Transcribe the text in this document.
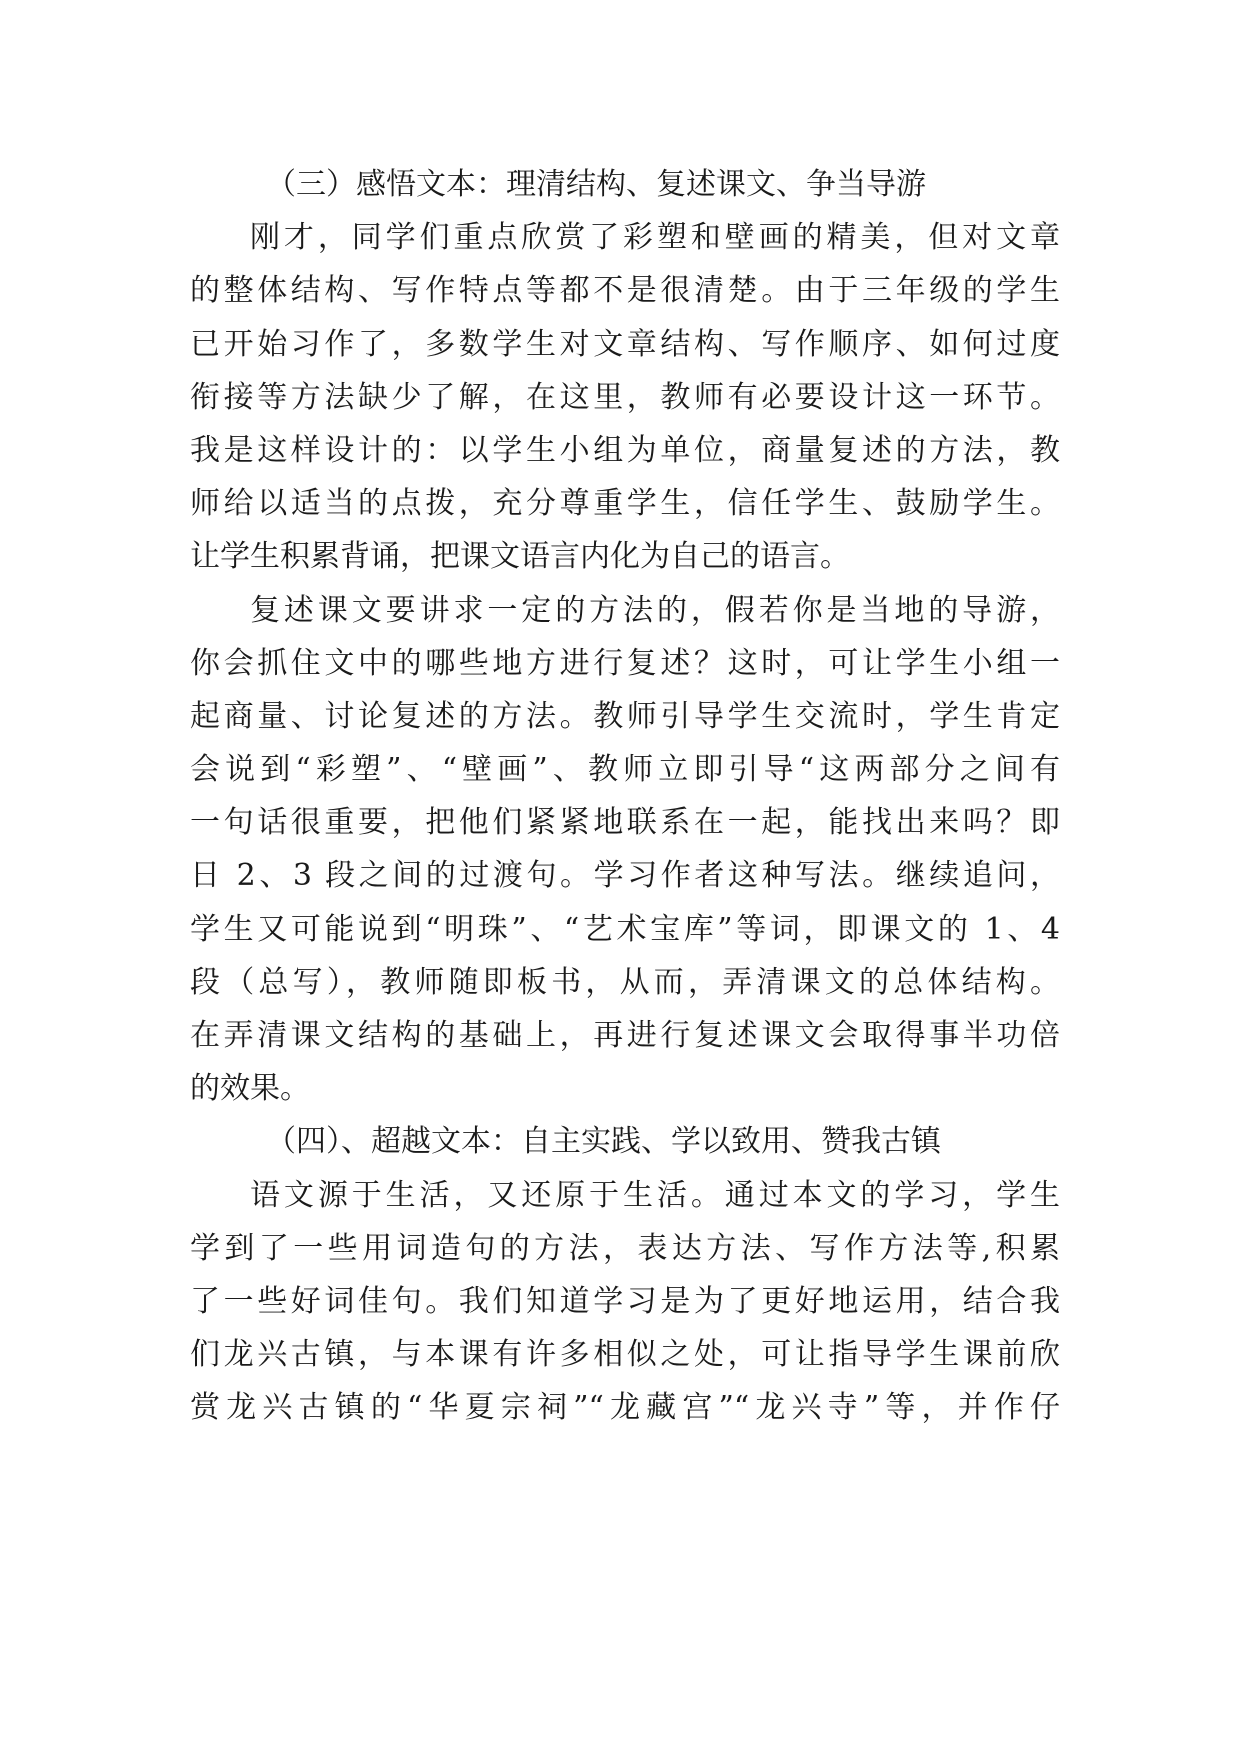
（三）感悟文本：理清结构、复述课文、争当导游
刚才，同学们重点欣赏了彩塑和壁画的精美，但对文章
的整体结构、写作特点等都不是很清楚。由于三年级的学生
已开始习作了，多数学生对文章结构、写作顺序、如何过度
衔接等方法缺少了解，在这里，教师有必要设计这一环节。
我是这样设计的：以学生小组为单位，商量复述的方法，教
师给以适当的点拨，充分尊重学生，信任学生、鼓励学生。
让学生积累背诵，把课文语言内化为自己的语言。
复述课文要讲求一定的方法的，假若你是当地的导游，
你会抓住文中的哪些地方进行复述？这时，可让学生小组一
起商量、讨论复述的方法。教师引导学生交流时，学生肯定
会说到“彩塑”、“壁画”、教师立即引导“这两部分之间有
一句话很重要，把他们紧紧地联系在一起，能找出来吗？即
日 2、3 段之间的过渡句。学习作者这种写法。继续追问，
学生又可能说到“明珠”、“艺术宝库”等词，即课文的 1、4
段（总写），教师随即板书，从而，弄清课文的总体结构。
在弄清课文结构的基础上，再进行复述课文会取得事半功倍
的效果。
（四）、超越文本：自主实践、学以致用、赞我古镇
语文源于生活，又还原于生活。通过本文的学习，学生
学到了一些用词造句的方法，表达方法、写作方法等,积累
了一些好词佳句。我们知道学习是为了更好地运用，结合我
们龙兴古镇，与本课有许多相似之处，可让指导学生课前欣
赏龙兴古镇的“华夏宗祠”“龙藏宫”“龙兴寺”等，并作仔
